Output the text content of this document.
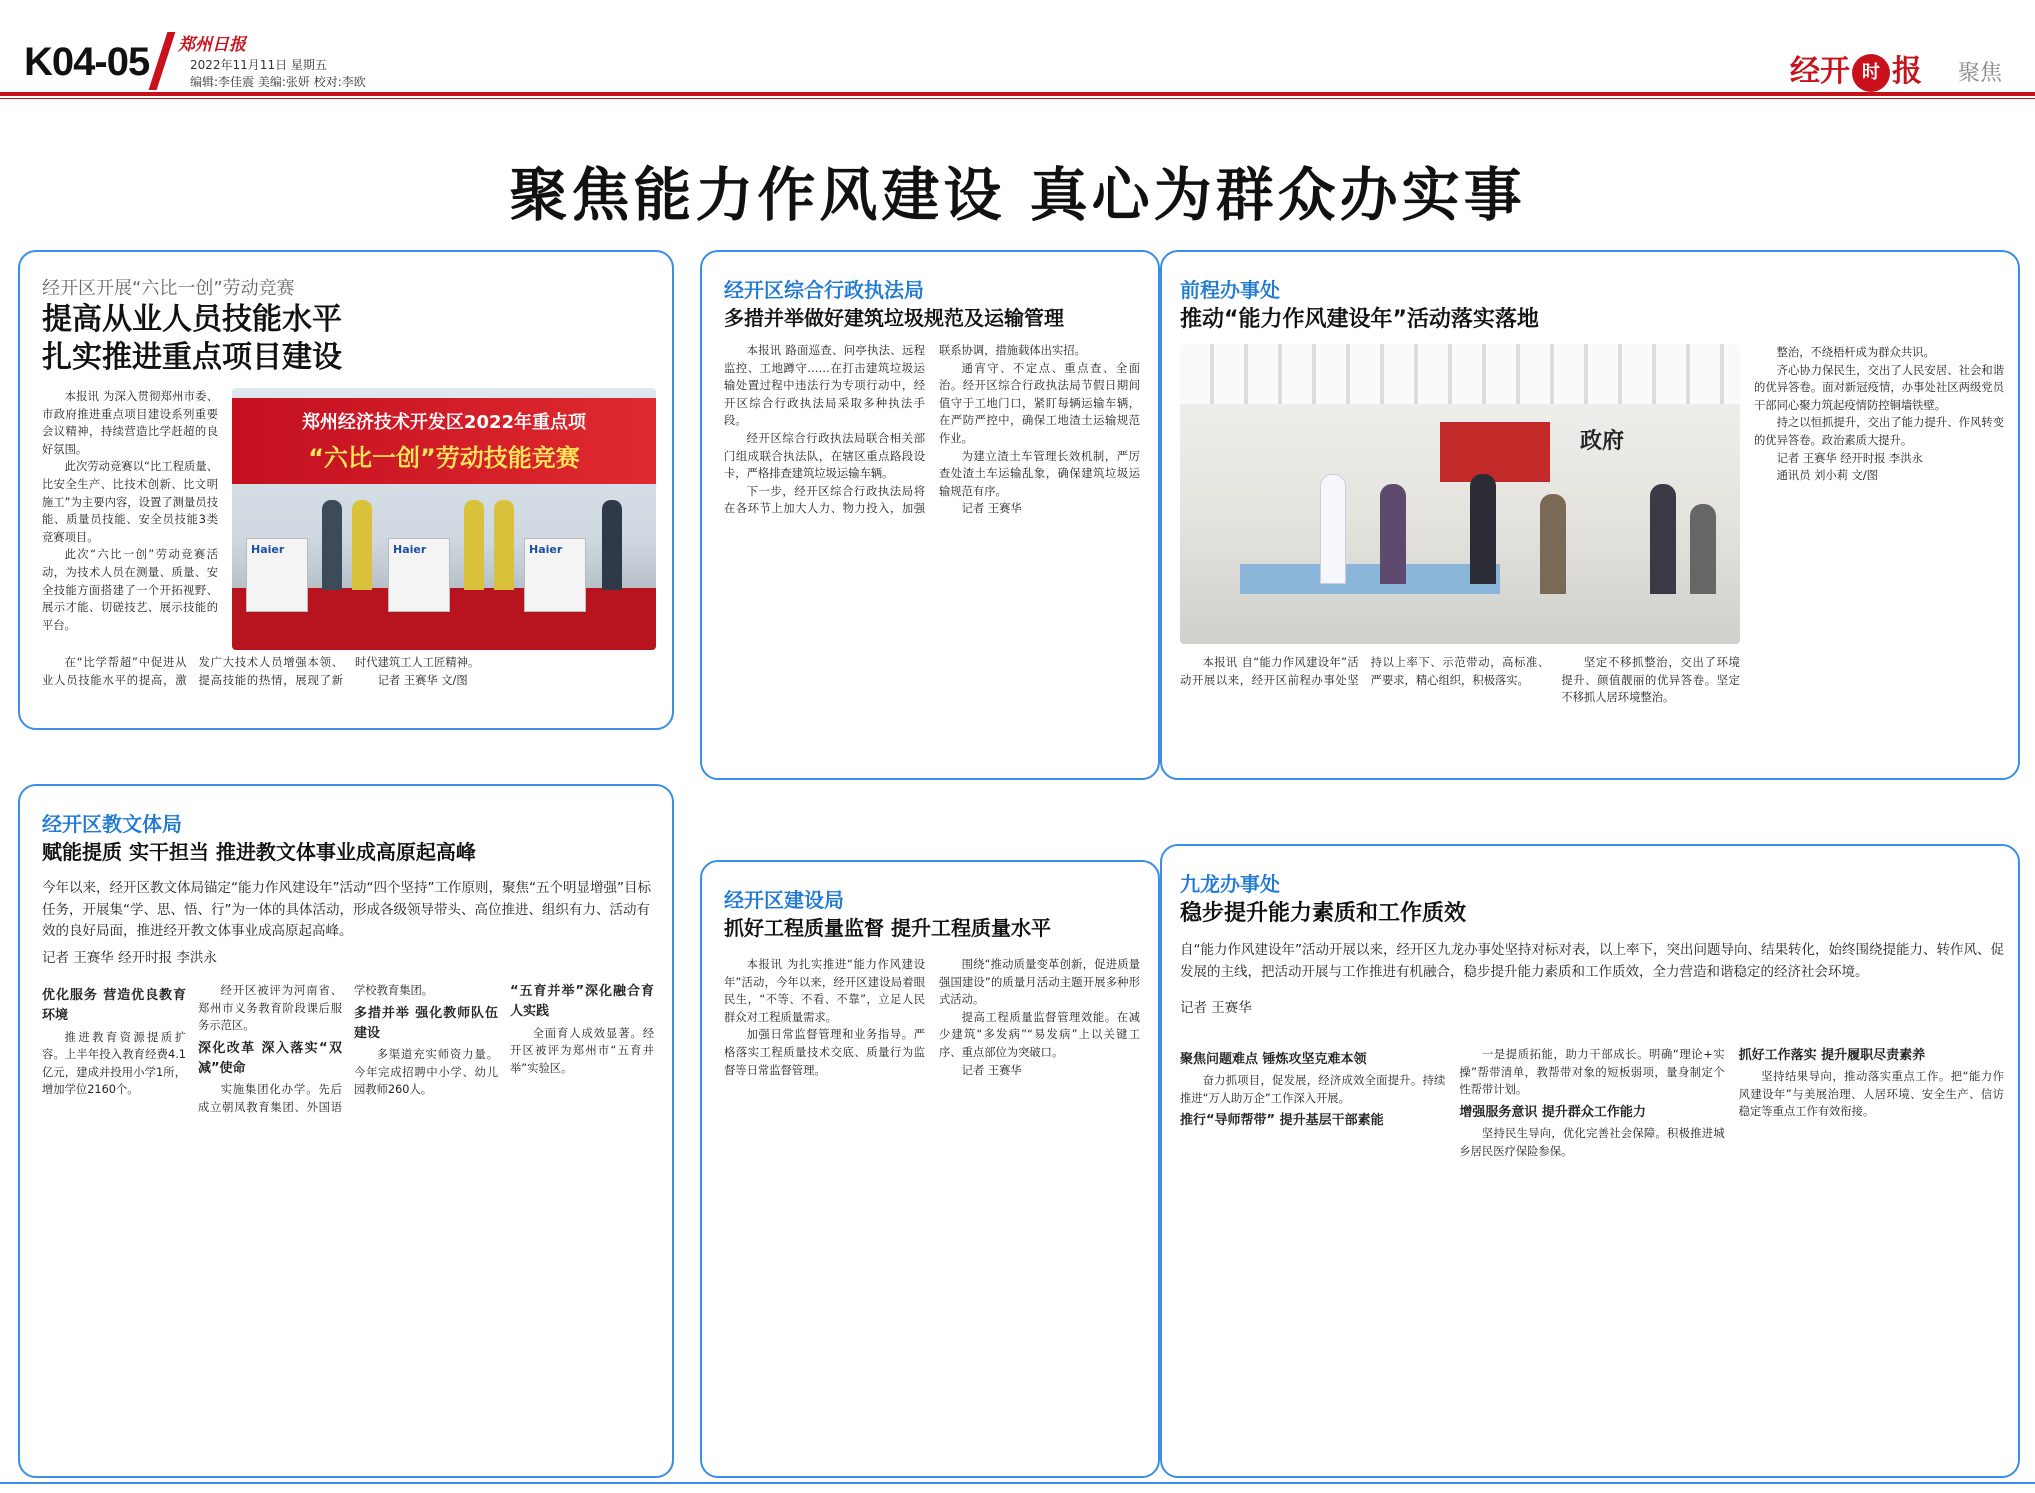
K04-05 郑州日报
2022年11月11日 星期五
编辑:李佳震 美编:张妍 校对:李欧	经开 时 报 聚焦
聚焦能力作风建设 真心为群众办实事
经开区开展“六比一创”劳动竞赛
提高从业人员技能水平
扎实推进重点项目建设

本报讯 为深入贯彻郑州市委、市政府推进重点项目建设系列重要会议精神，持续营造比学赶超的良好氛围。

此次劳动竞赛以“比工程质量、比安全生产、比技术创新、比文明施工”为主要内容，设置了测量员技能、质量员技能、安全员技能3类竞赛项目。

此次“六比一创”劳动竞赛活动，为技术人员在测量、质量、安全技能方面搭建了一个开拓视野、展示才能、切磋技艺、展示技能的平台。

郑州经济技术开发区2022年重点项
“六比一创”劳动技能竞赛
Haier	Haier	Haier

在“比学帮超”中促进从业人员技能水平的提高，激发广大技术人员增强本领、提高技能的热情，展现了新时代建筑工人工匠精神。

记者 王赛华 文/图

经开区综合行政执法局
多措并举做好建筑垃圾规范及运输管理

本报讯 路面巡查、问亭执法、远程监控、工地蹲守……在打击建筑垃圾运输处置过程中违法行为专项行动中，经开区综合行政执法局采取多种执法手段。

经开区综合行政执法局联合相关部门组成联合执法队，在辖区重点路段设卡，严格排查建筑垃圾运输车辆。

下一步，经开区综合行政执法局将在各环节上加大人力、物力投入，加强联系协调，措施载体出实招。

通宵守、不定点、重点查、全面治。经开区综合行政执法局节假日期间值守于工地门口，紧盯每辆运输车辆，在严防严控中，确保工地渣土运输规范作业。

为建立渣土车管理长效机制，严厉查处渣土车运输乱象，确保建筑垃圾运输规范有序。

记者 王赛华

前程办事处
推动“能力作风建设年”活动落实落地
政府

整治，不绕梧杆成为群众共识。

齐心协力保民生，交出了人民安居、社会和谐的优异答卷。面对新冠疫情，办事处社区两级党员干部同心聚力筑起疫情防控铜墙铁壁。

持之以恒抓提升，交出了能力提升、作风转变的优异答卷。政治素质大提升。

记者 王赛华 经开时报 李洪永

通讯员 刘小莉 文/图

本报讯 自“能力作风建设年”活动开展以来，经开区前程办事处坚持以上率下、示范带动，高标准、严要求，精心组织，积极落实。

坚定不移抓整治，交出了环境提升、颜值靓丽的优异答卷。坚定不移抓人居环境整治。

经开区教文体局
赋能提质 实干担当 推进教文体事业成高原起高峰
今年以来，经开区教文体局锚定“能力作风建设年”活动“四个坚持”工作原则，聚焦“五个明显增强”目标任务，开展集“学、思、悟、行”为一体的具体活动，形成各级领导带头、高位推进、组织有力、活动有效的良好局面，推进经开教文体事业成高原起高峰。
记者 王赛华 经开时报 李洪永
优化服务 营造优良教育环境

推进教育资源提质扩容。上半年投入教育经费4.1亿元，建成并投用小学1所，增加学位2160个。

经开区被评为河南省、郑州市义务教育阶段课后服务示范区。

深化改革 深入落实“双减”使命

实施集团化办学。先后成立朝凤教育集团、外国语学校教育集团。

多措并举 强化教师队伍建设

多渠道充实师资力量。今年完成招聘中小学、幼儿园教师260人。

“五育并举”深化融合育人实践

全面育人成效显著。经开区被评为郑州市“五育并举”实验区。

经开区建设局
抓好工程质量监督 提升工程质量水平

本报讯 为扎实推进“能力作风建设年”活动，今年以来，经开区建设局着眼民生，“不等、不看、不靠”，立足人民群众对工程质量需求。

加强日常监督管理和业务指导。严格落实工程质量技术交底、质量行为监督等日常监督管理。

围绕“推动质量变革创新，促进质量强国建设”的质量月活动主题开展多种形式活动。

提高工程质量监督管理效能。在减少建筑“多发病”“易发病”上以关键工序、重点部位为突破口。

记者 王赛华

九龙办事处
稳步提升能力素质和工作质效
自“能力作风建设年”活动开展以来，经开区九龙办事处坚持对标对表，以上率下，突出问题导向、结果转化，始终围绕提能力、转作风、促发展的主线，把活动开展与工作推进有机融合，稳步提升能力素质和工作质效，全力营造和谐稳定的经济社会环境。
记者 王赛华
聚焦问题难点 锤炼攻坚克难本领

奋力抓项目，促发展，经济成效全面提升。持续推进“万人助万企”工作深入开展。

推行“导师帮带” 提升基层干部素能

一是提质拓能，助力干部成长。明确“理论+实操”帮带清单，教帮带对象的短板弱项，量身制定个性帮带计划。

增强服务意识 提升群众工作能力

坚持民生导向，优化完善社会保障。积极推进城乡居民医疗保险参保。

抓好工作落实 提升履职尽责素养

坚持结果导向，推动落实重点工作。把“能力作风建设年”与美展治理、人居环境、安全生产、信访稳定等重点工作有效衔接。
